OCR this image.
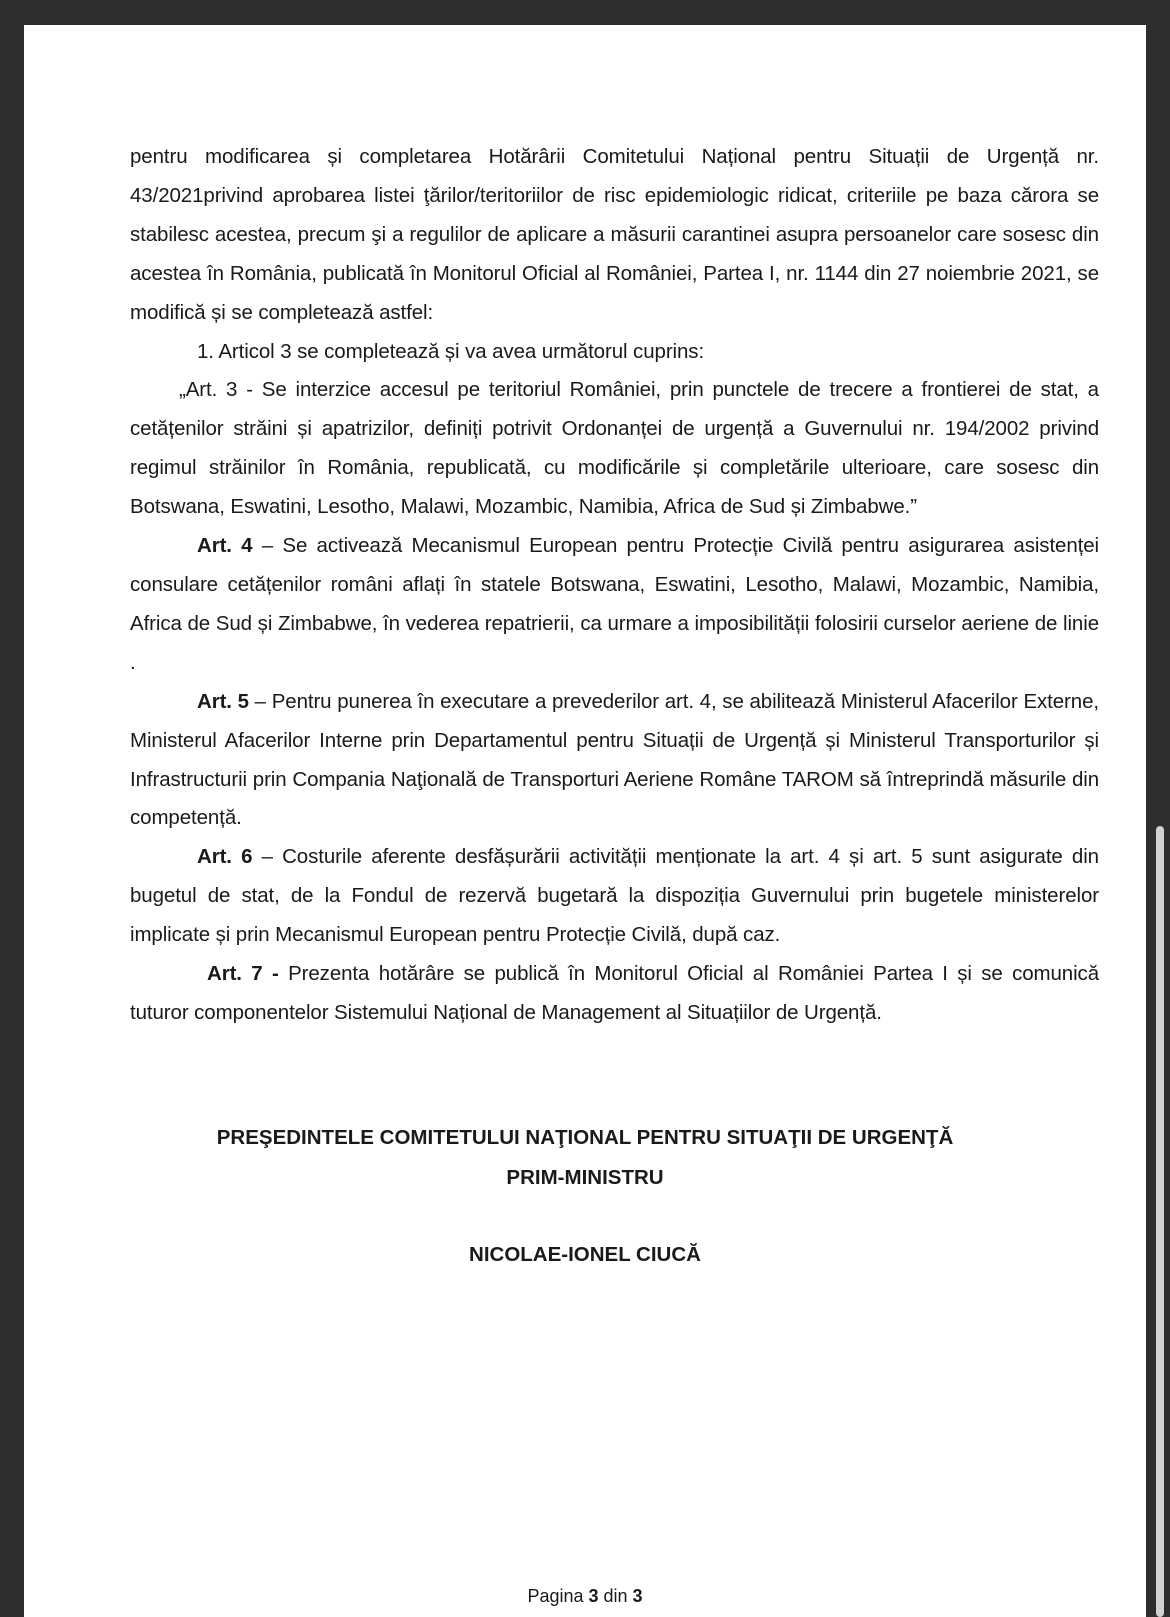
pentru modificarea și completarea Hotărârii Comitetului Național pentru Situații de Urgență nr. 43/2021privind aprobarea listei ţărilor/teritoriilor de risc epidemiologic ridicat, criteriile pe baza cărora se stabilesc acestea, precum şi a regulilor de aplicare a măsurii carantinei asupra persoanelor care sosesc din acestea în România, publicată în Monitorul Oficial al României, Partea I, nr. 1144 din 27 noiembrie 2021, se modifică și se completează astfel:

1. Articol 3 se completează și va avea următorul cuprins:

„Art. 3 - Se interzice accesul pe teritoriul României, prin punctele de trecere a frontierei de stat, a cetățenilor străini și apatrizilor, definiți potrivit Ordonanței de urgență a Guvernului nr. 194/2002 privind regimul străinilor în România, republicată, cu modificările și completările ulterioare, care sosesc din Botswana, Eswatini, Lesotho, Malawi, Mozambic, Namibia, Africa de Sud și Zimbabwe.”

Art. 4 – Se activează Mecanismul European pentru Protecție Civilă pentru asigurarea asistenței consulare cetățenilor români aflați în statele Botswana, Eswatini, Lesotho, Malawi, Mozambic, Namibia, Africa de Sud și Zimbabwe, în vederea repatrierii, ca urmare a imposibilității folosirii curselor aeriene de linie .

Art. 5 – Pentru punerea în executare a prevederilor art. 4, se abilitează Ministerul Afacerilor Externe, Ministerul Afacerilor Interne prin Departamentul pentru Situații de Urgență și Ministerul Transporturilor și Infrastructurii prin Compania Naţională de Transporturi Aeriene Române TAROM să întreprindă măsurile din competență.

Art. 6 – Costurile aferente desfășurării activității menționate la art. 4 și art. 5 sunt asigurate din bugetul de stat, de la Fondul de rezervă bugetară la dispoziția Guvernului prin bugetele ministerelor implicate și prin Mecanismul European pentru Protecție Civilă, după caz.

Art. 7 - Prezenta hotărâre se publică în Monitorul Oficial al României Partea I și se comunică tuturor componentelor Sistemului Național de Management al Situațiilor de Urgență.

PREŞEDINTELE COMITETULUI NAŢIONAL PENTRU SITUAŢII DE URGENŢĂ
PRIM-MINISTRU
NICOLAE-IONEL CIUCĂ
Pagina 3 din 3
